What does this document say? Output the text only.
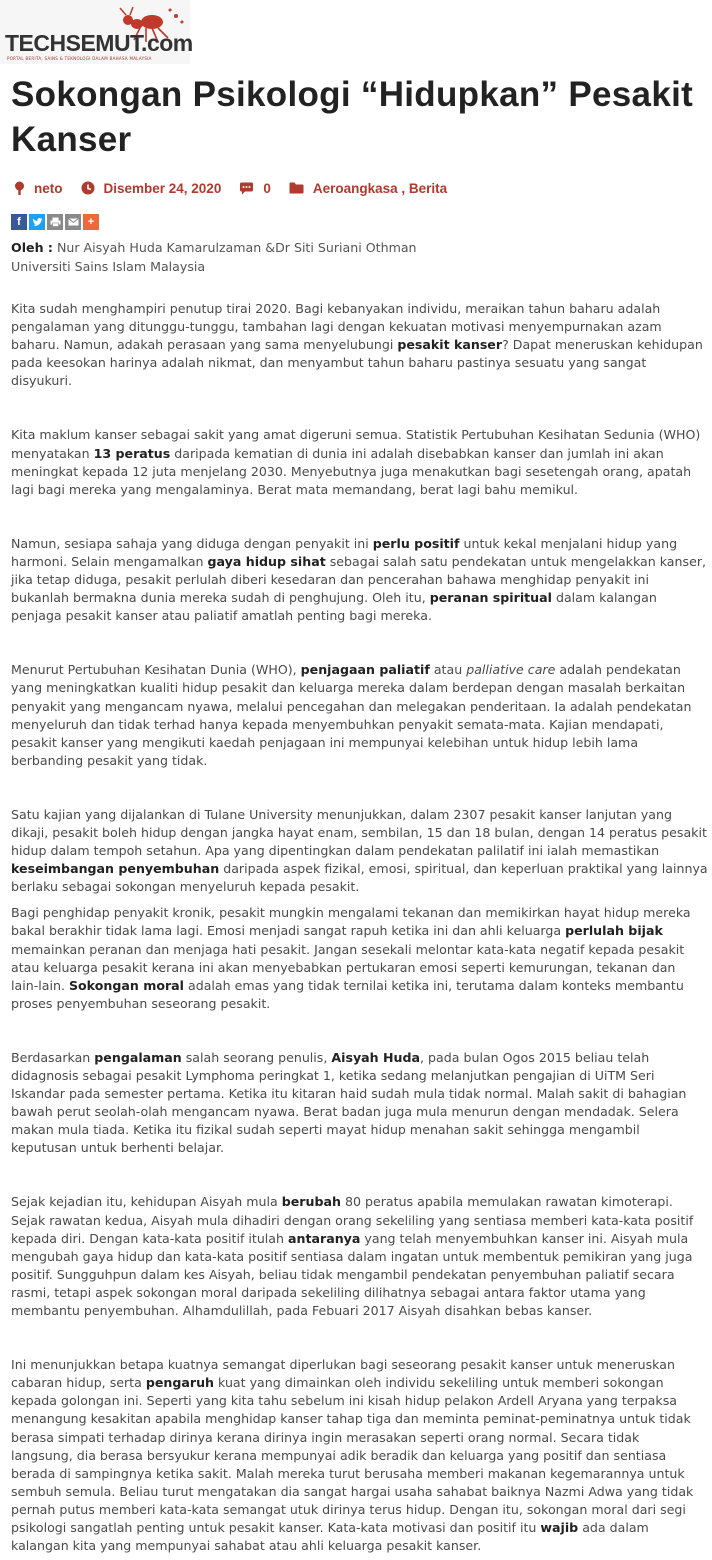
TECHSEMUT.com
PORTAL BERITA, SAINS & TEKNOLOGI DALAM BAHASA MALAYSIA
Sokongan Psikologi “Hidupkan” Pesakit Kanser
neto	Disember 24, 2020	0	Aeroangkasa , Berita
f	+
Oleh : Nur Aisyah Huda Kamarulzaman &Dr Siti Suriani Othman
Universiti Sains Islam Malaysia

Kita sudah menghampiri penutup tirai 2020. Bagi kebanyakan individu, meraikan tahun baharu adalah

pengalaman yang ditunggu-tunggu, tambahan lagi dengan kekuatan motivasi menyempurnakan azam

baharu. Namun, adakah perasaan yang sama menyelubungi pesakit kanser? Dapat meneruskan kehidupan

pada keesokan harinya adalah nikmat, dan menyambut tahun baharu pastinya sesuatu yang sangat

disyukuri.

Kita maklum kanser sebagai sakit yang amat digeruni semua. Statistik Pertubuhan Kesihatan Sedunia (WHO)

menyatakan 13 peratus daripada kematian di dunia ini adalah disebabkan kanser dan jumlah ini akan

meningkat kepada 12 juta menjelang 2030. Menyebutnya juga menakutkan bagi sesetengah orang, apatah

lagi bagi mereka yang mengalaminya. Berat mata memandang, berat lagi bahu memikul.

Namun, sesiapa sahaja yang diduga dengan penyakit ini perlu positif untuk kekal menjalani hidup yang

harmoni. Selain mengamalkan gaya hidup sihat sebagai salah satu pendekatan untuk mengelakkan kanser,

jika tetap diduga, pesakit perlulah diberi kesedaran dan pencerahan bahawa menghidap penyakit ini

bukanlah bermakna dunia mereka sudah di penghujung. Oleh itu, peranan spiritual dalam kalangan

penjaga pesakit kanser atau paliatif amatlah penting bagi mereka.

Menurut Pertubuhan Kesihatan Dunia (WHO), penjagaan paliatif atau palliative care adalah pendekatan

yang meningkatkan kualiti hidup pesakit dan keluarga mereka dalam berdepan dengan masalah berkaitan

penyakit yang mengancam nyawa, melalui pencegahan dan melegakan penderitaan. Ia adalah pendekatan

menyeluruh dan tidak terhad hanya kepada menyembuhkan penyakit semata-mata. Kajian mendapati,

pesakit kanser yang mengikuti kaedah penjagaan ini mempunyai kelebihan untuk hidup lebih lama

berbanding pesakit yang tidak.

Satu kajian yang dijalankan di Tulane University menunjukkan, dalam 2307 pesakit kanser lanjutan yang

dikaji, pesakit boleh hidup dengan jangka hayat enam, sembilan, 15 dan 18 bulan, dengan 14 peratus pesakit

hidup dalam tempoh setahun. Apa yang dipentingkan dalam pendekatan palilatif ini ialah memastikan

keseimbangan penyembuhan daripada aspek fizikal, emosi, spiritual, dan keperluan praktikal yang lainnya

berlaku sebagai sokongan menyeluruh kepada pesakit.

Bagi penghidap penyakit kronik, pesakit mungkin mengalami tekanan dan memikirkan hayat hidup mereka

bakal berakhir tidak lama lagi. Emosi menjadi sangat rapuh ketika ini dan ahli keluarga perlulah bijak

memainkan peranan dan menjaga hati pesakit. Jangan sesekali melontar kata-kata negatif kepada pesakit

atau keluarga pesakit kerana ini akan menyebabkan pertukaran emosi seperti kemurungan, tekanan dan

lain-lain. Sokongan moral adalah emas yang tidak ternilai ketika ini, terutama dalam konteks membantu

proses penyembuhan seseorang pesakit.

Berdasarkan pengalaman salah seorang penulis, Aisyah Huda, pada bulan Ogos 2015 beliau telah

didagnosis sebagai pesakit Lymphoma peringkat 1, ketika sedang melanjutkan pengajian di UiTM Seri

Iskandar pada semester pertama. Ketika itu kitaran haid sudah mula tidak normal. Malah sakit di bahagian

bawah perut seolah-olah mengancam nyawa. Berat badan juga mula menurun dengan mendadak. Selera

makan mula tiada. Ketika itu fizikal sudah seperti mayat hidup menahan sakit sehingga mengambil

keputusan untuk berhenti belajar.

Sejak kejadian itu, kehidupan Aisyah mula berubah 80 peratus apabila memulakan rawatan kimoterapi.

Sejak rawatan kedua, Aisyah mula dihadiri dengan orang sekeliling yang sentiasa memberi kata-kata positif

kepada diri. Dengan kata-kata positif itulah antaranya yang telah menyembuhkan kanser ini. Aisyah mula

mengubah gaya hidup dan kata-kata positif sentiasa dalam ingatan untuk membentuk pemikiran yang juga

positif. Sungguhpun dalam kes Aisyah, beliau tidak mengambil pendekatan penyembuhan paliatif secara

rasmi, tetapi aspek sokongan moral daripada sekeliling dilihatnya sebagai antara faktor utama yang

membantu penyembuhan. Alhamdulillah, pada Febuari 2017 Aisyah disahkan bebas kanser.

Ini menunjukkan betapa kuatnya semangat diperlukan bagi seseorang pesakit kanser untuk meneruskan

cabaran hidup, serta pengaruh kuat yang dimainkan oleh individu sekeliling untuk memberi sokongan

kepada golongan ini. Seperti yang kita tahu sebelum ini kisah hidup pelakon Ardell Aryana yang terpaksa

menangung kesakitan apabila menghidap kanser tahap tiga dan meminta peminat-peminatnya untuk tidak

berasa simpati terhadap dirinya kerana dirinya ingin merasakan seperti orang normal. Secara tidak

langsung, dia berasa bersyukur kerana mempunyai adik beradik dan keluarga yang positif dan sentiasa

berada di sampingnya ketika sakit. Malah mereka turut berusaha memberi makanan kegemarannya untuk

sembuh semula. Beliau turut mengatakan dia sangat hargai usaha sahabat baiknya Nazmi Adwa yang tidak

pernah putus memberi kata-kata semangat utuk dirinya terus hidup. Dengan itu, sokongan moral dari segi

psikologi sangatlah penting untuk pesakit kanser. Kata-kata motivasi dan positif itu wajib ada dalam

kalangan kita yang mempunyai sahabat atau ahli keluarga pesakit kanser.
